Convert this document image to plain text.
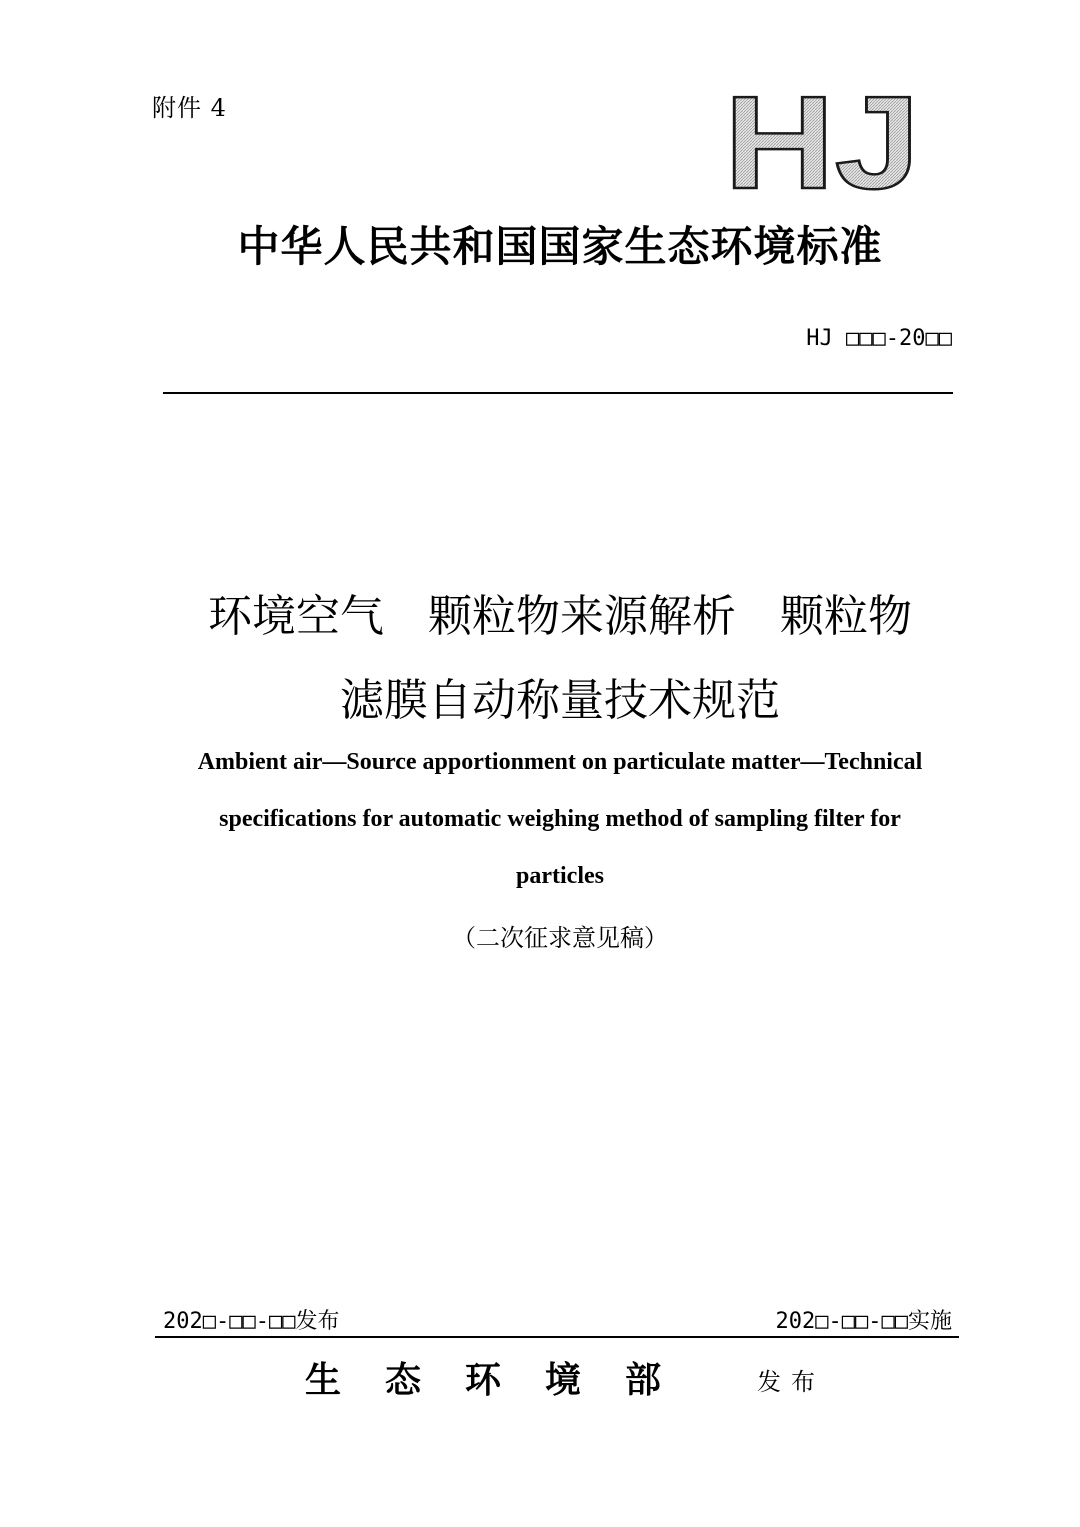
附件 4	HJ
中华人民共和国国家生态环境标准
HJ □□□-20□□
环境空气　颗粒物来源解析　颗粒物
滤膜自动称量技术规范
Ambient air—Source apportionment on particulate matter—Technical
specifications for automatic weighing method of sampling filter for
particles
（二次征求意见稿）
202□-□□-□□发布	202□-□□-□□实施
生态环境部 发布
